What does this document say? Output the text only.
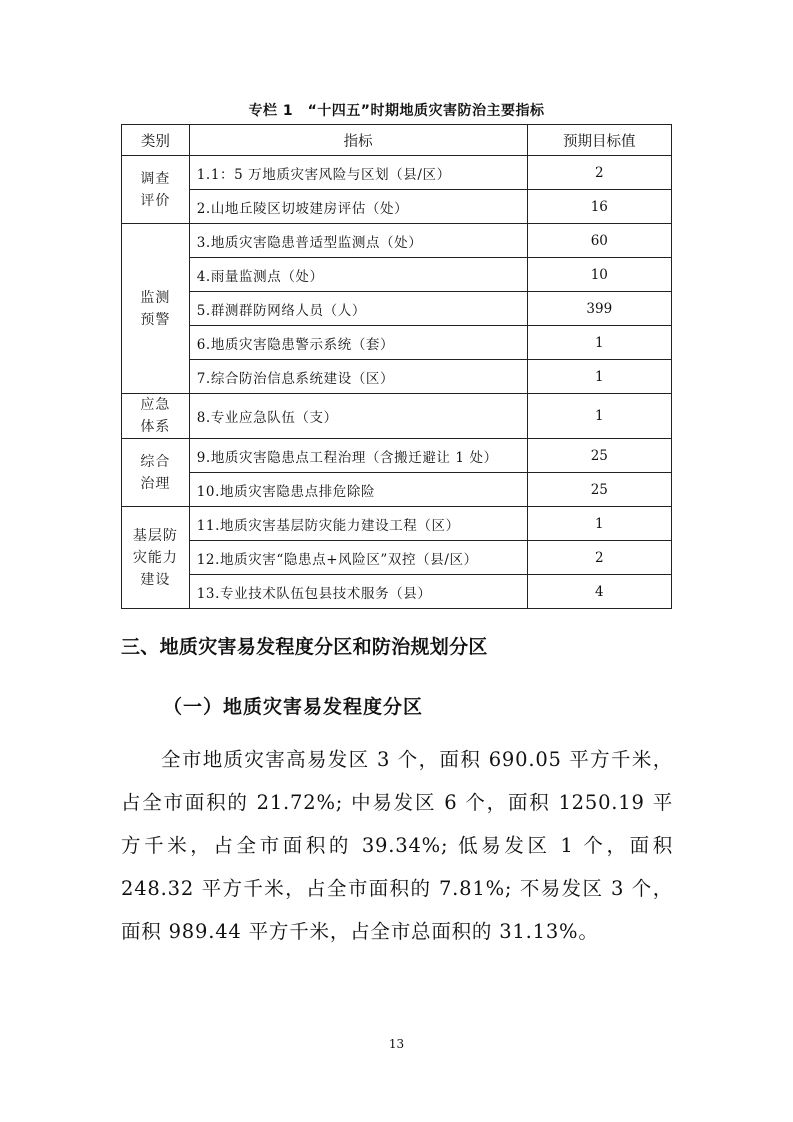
专栏 1　“十四五”时期地质灾害防治主要指标
类别	指标	预期目标值
调查
评价	1.1：5 万地质灾害风险与区划（县/区）	2
	2.山地丘陵区切坡建房评估（处）	16
监测
预警	3.地质灾害隐患普适型监测点（处）	60
	4.雨量监测点（处）	10
	5.群测群防网络人员（人）	399
	6.地质灾害隐患警示系统（套）	1
	7.综合防治信息系统建设（区）	1
应急
体系	8.专业应急队伍（支）	1
综合
治理	9.地质灾害隐患点工程治理（含搬迁避让 1 处）	25
	10.地质灾害隐患点排危除险	25
基层防
灾能力
建设	11.地质灾害基层防灾能力建设工程（区）	1
	12.地质灾害“隐患点+风险区”双控（县/区）	2
	13.专业技术队伍包县技术服务（县）	4
三、地质灾害易发程度分区和防治规划分区
（一）地质灾害易发程度分区

全市地质灾害高易发区 3 个，面积 690.05 平方千米，占全市面积的 21.72%; 中易发区 6 个，面积 1250.19 平方千米，占全市面积的 39.34%; 低易发区 1 个，面积 248.32 平方千米，占全市面积的 7.81%; 不易发区 3 个，面积 989.44 平方千米，占全市总面积的 31.13%。

13
